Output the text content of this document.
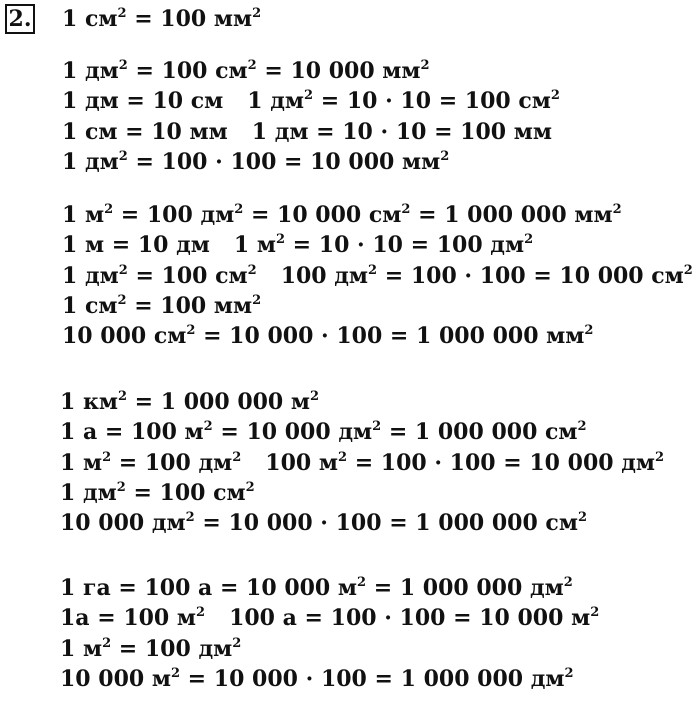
2. 1 $см^2 = 100$ $мм^2$
1 $дм^2 = 100$ $см^2 = 10$ 000 $мм^2$
1 дм = 10 см 1 $дм^2 = 10 \cdot 10 = 100$ $см^2$
1 см = 10 мм 1 дм = 10 · 10 = 100 мм
1 $дм^2 = 100 \cdot 100 = 10$ 000 $мм^2$
1 $м^2 = 100$ $дм^2 = 10$ 000 $см^2 = 1$ 000 000 $мм^2$
1 м = 10 дм 1 $м^2 = 10 \cdot 10 = 100$ $дм^2$
1 $дм^2 = 100$ $см^2$ 100 $дм^2 = 100 \cdot 100 = 10$ 000 $см^2$
1 $см^2 = 100$ $мм^2$
10 000 $см^2 = 10$ 000 · 100 = 1 000 000 $мм^2$
1 $км^2 = 1$ 000 000 $м^2$
1 а = 100 $м^2 = 10$ 000 $дм^2 = 1$ 000 000 $см^2$
1 $м^2 = 100$ $дм^2$ 100 $м^2 = 100 \cdot 100 = 10$ 000 $дм^2$
1 $дм^2 = 100$ $см^2$
10 000 $дм^2 = 10$ 000 · 100 = 1 000 000 $см^2$
1 га = 100 а = 10 000 $м^2 = 1$ 000 000 $дм^2$
1а = 100 $м^2$ 100 а = 100 · 100 = 10 000 $м^2$
1 $м^2 = 100$ $дм^2$
10 000 $м^2 = 10$ 000 · 100 = 1 000 000 $дм^2$
